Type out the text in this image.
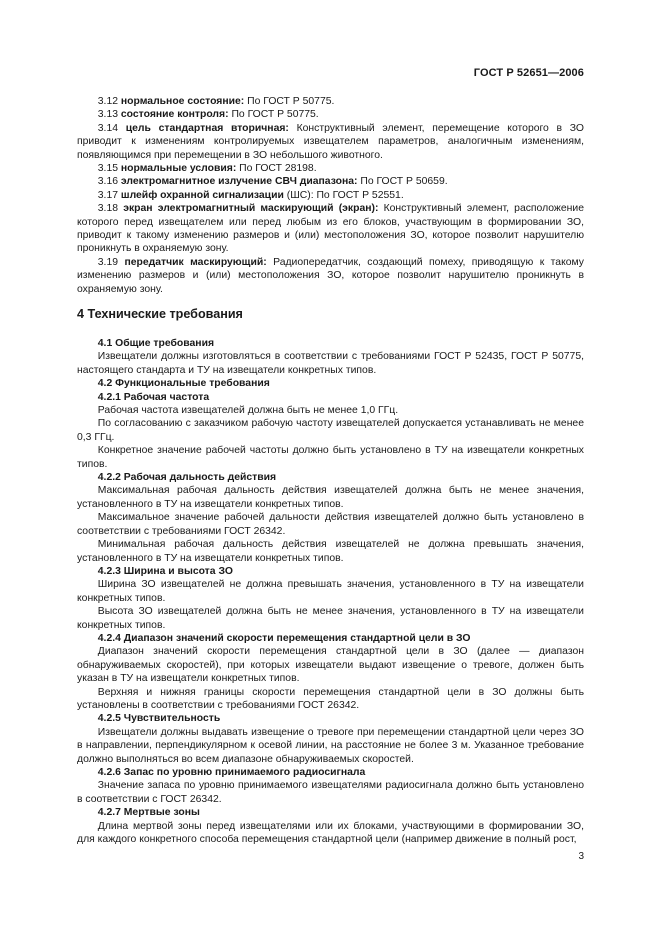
ГОСТ Р 52651—2006
  3.12 нормальное состояние: По ГОСТ Р 50775.
  3.13 состояние контроля: По ГОСТ Р 50775.
  3.14 цель стандартная вторичная: Конструктивный элемент, перемещение которого в ЗО приводит к изменениям контролируемых извещателем параметров, аналогичным изменениям, появляющимся при перемещении в ЗО небольшого животного.
  3.15 нормальные условия: По ГОСТ 28198.
  3.16 электромагнитное излучение СВЧ диапазона: По ГОСТ Р 50659.
  3.17 шлейф охранной сигнализации (ШС): По ГОСТ Р 52551.
  3.18 экран электромагнитный маскирующий (экран): Конструктивный элемент, расположение которого перед извещателем или перед любым из его блоков, участвующим в формировании ЗО, приводит к такому изменению размеров и (или) местоположения ЗО, которое позволит нарушителю проникнуть в охраняемую зону.
  3.19 передатчик маскирующий: Радиопередатчик, создающий помеху, приводящую к такому изменению размеров и (или) местоположения ЗО, которое позволит нарушителю проникнуть в охраняемую зону.
4 Технические требования
  4.1 Общие требования
  Извещатели должны изготовляться в соответствии с требованиями ГОСТ Р 52435, ГОСТ Р 50775, настоящего стандарта и ТУ на извещатели конкретных типов.
  4.2 Функциональные требования
  4.2.1 Рабочая частота
  Рабочая частота извещателей должна быть не менее 1,0 ГГц.
  По согласованию с заказчиком рабочую частоту извещателей допускается устанавливать не менее 0,3 ГГц.
  Конкретное значение рабочей частоты должно быть установлено в ТУ на извещатели конкретных типов.
  4.2.2 Рабочая дальность действия
  Максимальная рабочая дальность действия извещателей должна быть не менее значения, установленного в ТУ на извещатели конкретных типов.
  Максимальное значение рабочей дальности действия извещателей должно быть установлено в соответствии с требованиями ГОСТ 26342.
  Минимальная рабочая дальность действия извещателей не должна превышать значения, установленного в ТУ на извещатели конкретных типов.
  4.2.3 Ширина и высота ЗО
  Ширина ЗО извещателей не должна превышать значения, установленного в ТУ на извещатели конкретных типов.
  Высота ЗО извещателей должна быть не менее значения, установленного в ТУ на извещатели конкретных типов.
  4.2.4 Диапазон значений скорости перемещения стандартной цели в ЗО
  Диапазон значений скорости перемещения стандартной цели в ЗО (далее — диапазон обнаруживаемых скоростей), при которых извещатели выдают извещение о тревоге, должен быть указан в ТУ на извещатели конкретных типов.
  Верхняя и нижняя границы скорости перемещения стандартной цели в ЗО должны быть установлены в соответствии с требованиями ГОСТ 26342.
  4.2.5 Чувствительность
  Извещатели должны выдавать извещение о тревоге при перемещении стандартной цели через ЗО в направлении, перпендикулярном к осевой линии, на расстояние не более 3 м. Указанное требование должно выполняться во всем диапазоне обнаруживаемых скоростей.
  4.2.6 Запас по уровню принимаемого радиосигнала
  Значение запаса по уровню принимаемого извещателями радиосигнала должно быть установлено в соответствии с ГОСТ 26342.
  4.2.7 Мертвые зоны
  Длина мертвой зоны перед извещателями или их блоками, участвующими в формировании ЗО, для каждого конкретного способа перемещения стандартной цели (например движение в полный рост,
3
